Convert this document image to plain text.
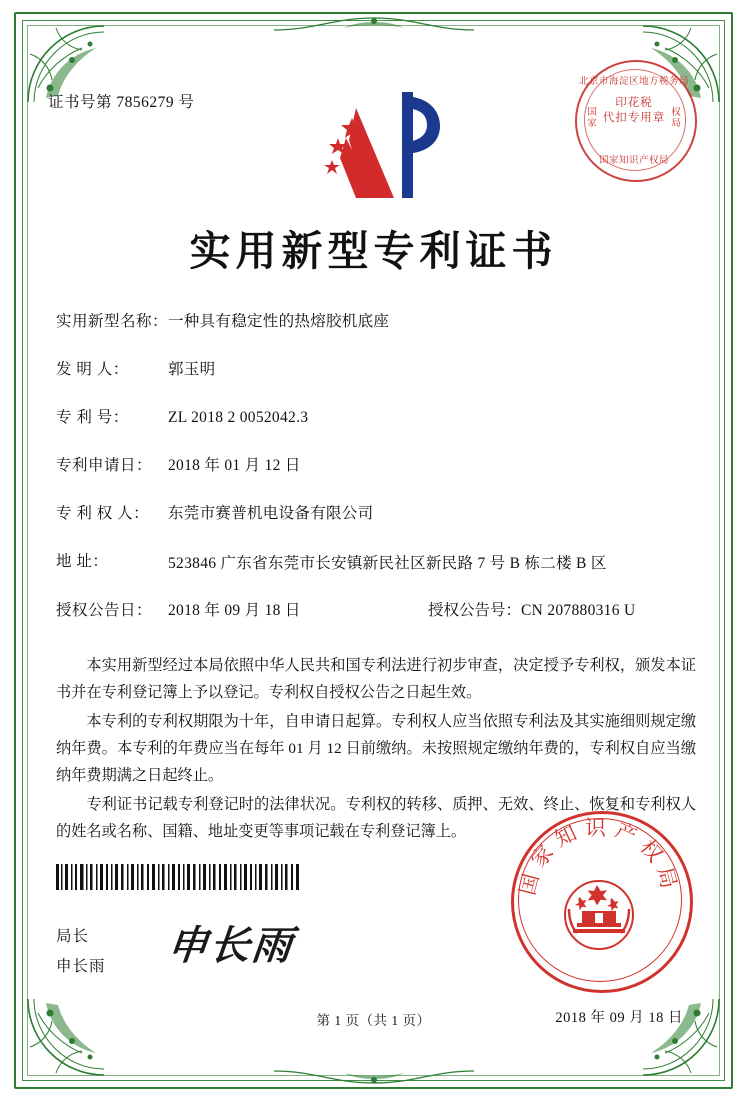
证书号第 7856279 号
北京市海淀区地方税务局
国家
权局
印花税
代扣专用章
国家知识产权局
实用新型专利证书
实用新型名称：一种具有稳定性的热熔胶机底座
发 明 人：	郭玉明
专 利 号：	ZL 2018 2 0052042.3
专利申请日： 2018 年 01 月 12 日
专 利 权 人： 东莞市赛普机电设备有限公司
地 址：	523846 广东省东莞市长安镇新民社区新民路 7 号 B 栋二楼 B 区
授权公告日： 2018 年 09 月 18 日	授权公告号：CN 207880316 U

本实用新型经过本局依照中华人民共和国专利法进行初步审查，决定授予专利权，颁发本证书并在专利登记簿上予以登记。专利权自授权公告之日起生效。

本专利的专利权期限为十年，自申请日起算。专利权人应当依照专利法及其实施细则规定缴纳年费。本专利的年费应当在每年 01 月 12 日前缴纳。未按照规定缴纳年费的，专利权自应当缴纳年费期满之日起终止。

专利证书记载专利登记时的法律状况。专利权的转移、质押、无效、终止、恢复和专利权人的姓名或名称、国籍、地址变更等事项记载在专利登记簿上。

局长
申长雨 申长雨
国家知识产权局
2018 年 09 月 18 日
第 1 页（共 1 页）
